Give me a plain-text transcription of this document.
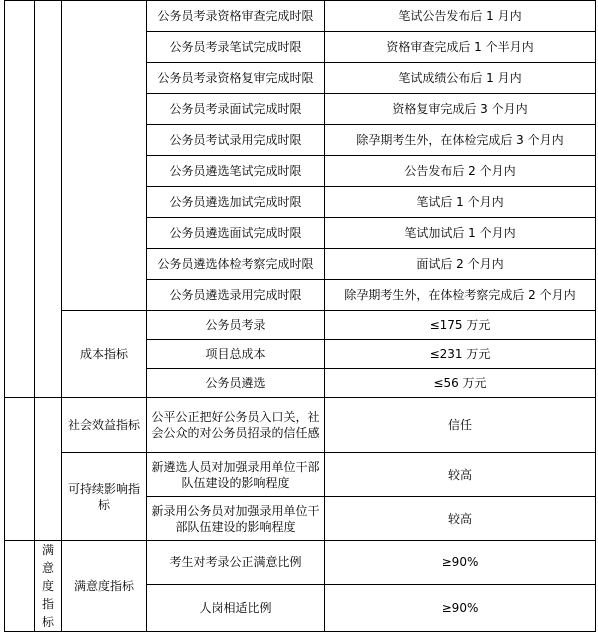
			公务员考录资格审查完成时限	笔试公告发布后 1 月内
			公务员考录笔试完成时限	资格审查完成后 1 个半月内
			公务员考录资格复审完成时限	笔试成绩公布后 1 月内
			公务员考录面试完成时限	资格复审完成后 3 个月内
			公务员考试录用完成时限	除孕期考生外，在体检完成后 3 个月内
			公务员遴选笔试完成时限	公告发布后 2 个月内
			公务员遴选加试完成时限	笔试后 1 个月内
			公务员遴选面试完成时限	笔试加试后 1 个月内
			公务员遴选体检考察完成时限	面试后 2 个月内
			公务员遴选录用完成时限	除孕期考生外，在体检考察完成后 2 个月内
		成本指标	公务员考录	≤175 万元
			项目总成本	≤231 万元
			公务员遴选	≤56 万元
		社会效益指标	公平公正把好公务员入口关，社会公众的对公务员招录的信任感	信任
		可持续影响指标	新遴选人员对加强录用单位干部队伍建设的影响程度	较高
			新录用公务员对加强录用单位干部队伍建设的影响程度	较高
	满意度指标	满意度指标	考生对考录公正满意比例	≥90%
			人岗相适比例	≥90%
